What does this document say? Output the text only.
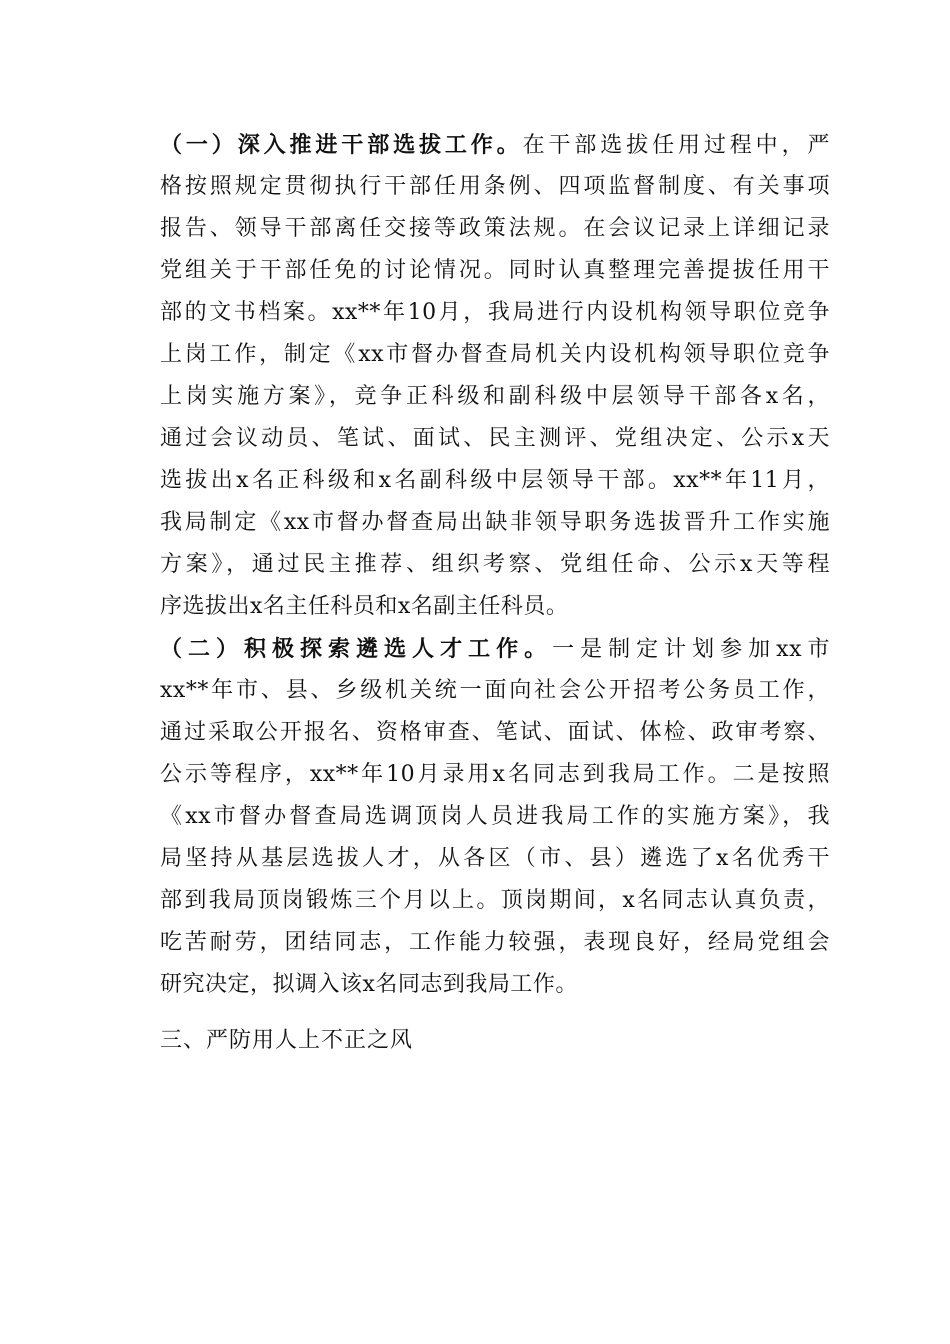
（一）深入推进干部选拔工作。在干部选拔任用过程中，严
格按照规定贯彻执行干部任用条例、四项监督制度、有关事项
报告、领导干部离任交接等政策法规。在会议记录上详细记录
党组关于干部任免的讨论情况。同时认真整理完善提拔任用干
部的文书档案。xx**年10月，我局进行内设机构领导职位竞争
上岗工作，制定《xx市督办督查局机关内设机构领导职位竞争
上岗实施方案》，竞争正科级和副科级中层领导干部各x名，
通过会议动员、笔试、面试、民主测评、党组决定、公示x天
选拔出x名正科级和x名副科级中层领导干部。xx**年11月，
我局制定《xx市督办督查局出缺非领导职务选拔晋升工作实施
方案》，通过民主推荐、组织考察、党组任命、公示x天等程
序选拔出x名主任科员和x名副主任科员。
（二）积极探索遴选人才工作。一是制定计划参加xx市
xx**年市、县、乡级机关统一面向社会公开招考公务员工作，
通过采取公开报名、资格审查、笔试、面试、体检、政审考察、
公示等程序，xx**年10月录用x名同志到我局工作。二是按照
《xx市督办督查局选调顶岗人员进我局工作的实施方案》，我
局坚持从基层选拔人才，从各区（市、县）遴选了x名优秀干
部到我局顶岗锻炼三个月以上。顶岗期间，x名同志认真负责，
吃苦耐劳，团结同志，工作能力较强，表现良好，经局党组会
研究决定，拟调入该x名同志到我局工作。
三、严防用人上不正之风
